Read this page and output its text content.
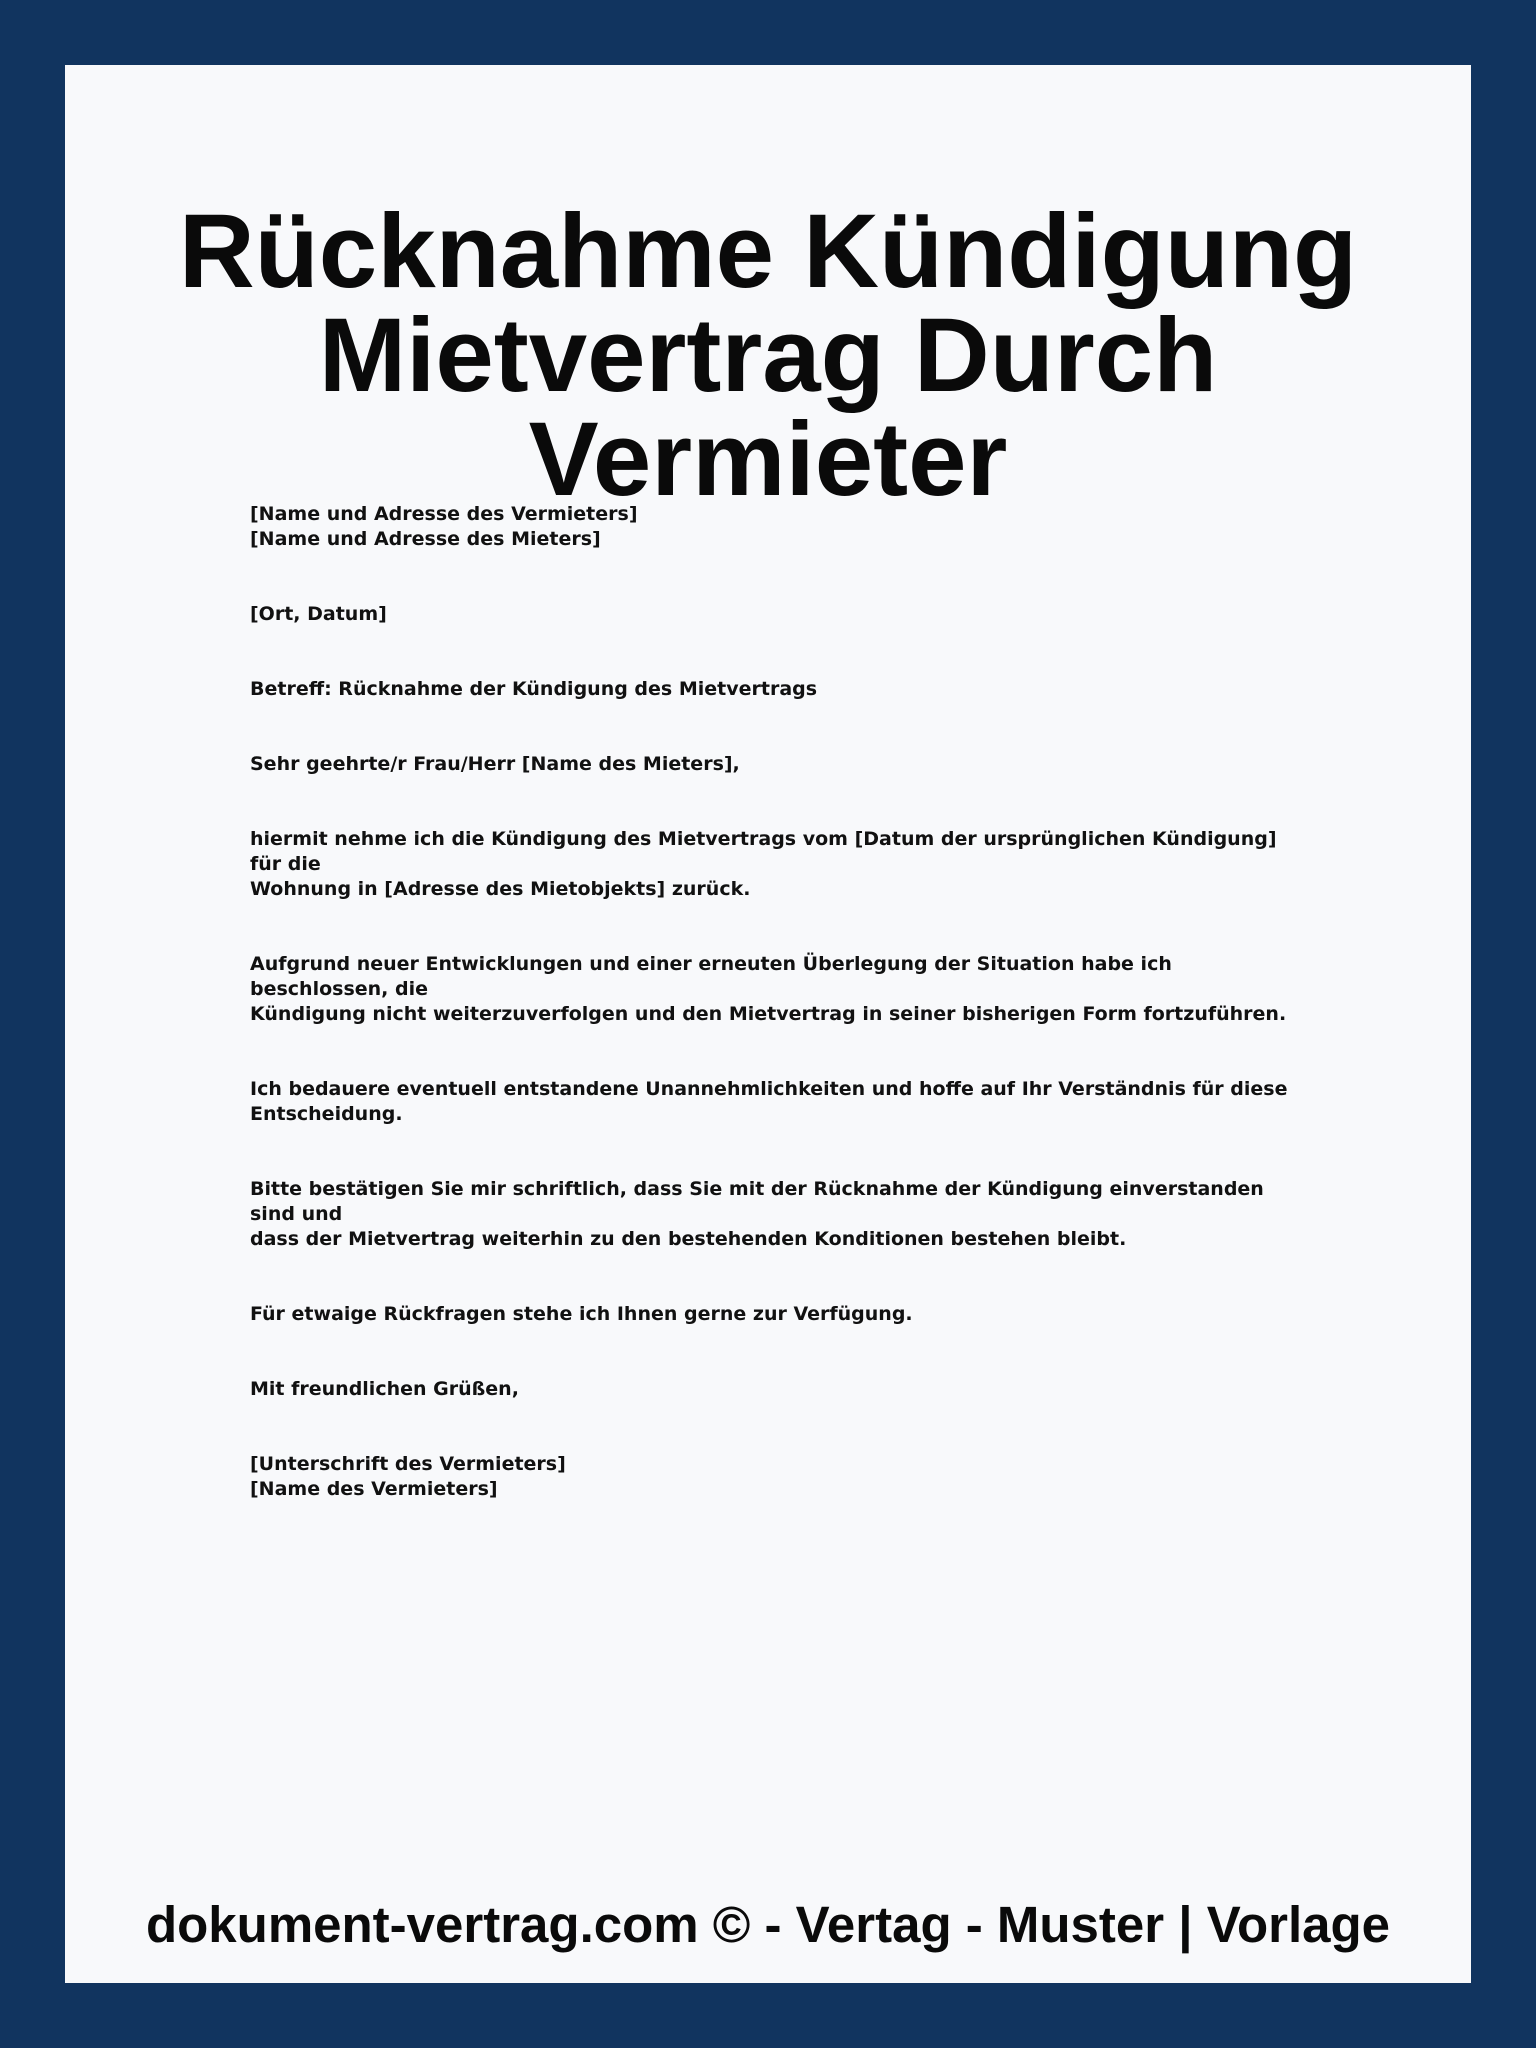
Rücknahme Kündigung
Mietvertrag Durch Vermieter

[Name und Adresse des Vermieters]
[Name und Adresse des Mieters]

[Ort, Datum]

Betreff: Rücknahme der Kündigung des Mietvertrags

Sehr geehrte/r Frau/Herr [Name des Mieters],

hiermit nehme ich die Kündigung des Mietvertrags vom [Datum der ursprünglichen Kündigung] für die
Wohnung in [Adresse des Mietobjekts] zurück.

Aufgrund neuer Entwicklungen und einer erneuten Überlegung der Situation habe ich beschlossen, die
Kündigung nicht weiterzuverfolgen und den Mietvertrag in seiner bisherigen Form fortzuführen.

Ich bedauere eventuell entstandene Unannehmlichkeiten und hoffe auf Ihr Verständnis für diese
Entscheidung.

Bitte bestätigen Sie mir schriftlich, dass Sie mit der Rücknahme der Kündigung einverstanden sind und
dass der Mietvertrag weiterhin zu den bestehenden Konditionen bestehen bleibt.

Für etwaige Rückfragen stehe ich Ihnen gerne zur Verfügung.

Mit freundlichen Grüßen,

[Unterschrift des Vermieters]
[Name des Vermieters]

dokument-vertrag.com © - Vertag - Muster | Vorlage
